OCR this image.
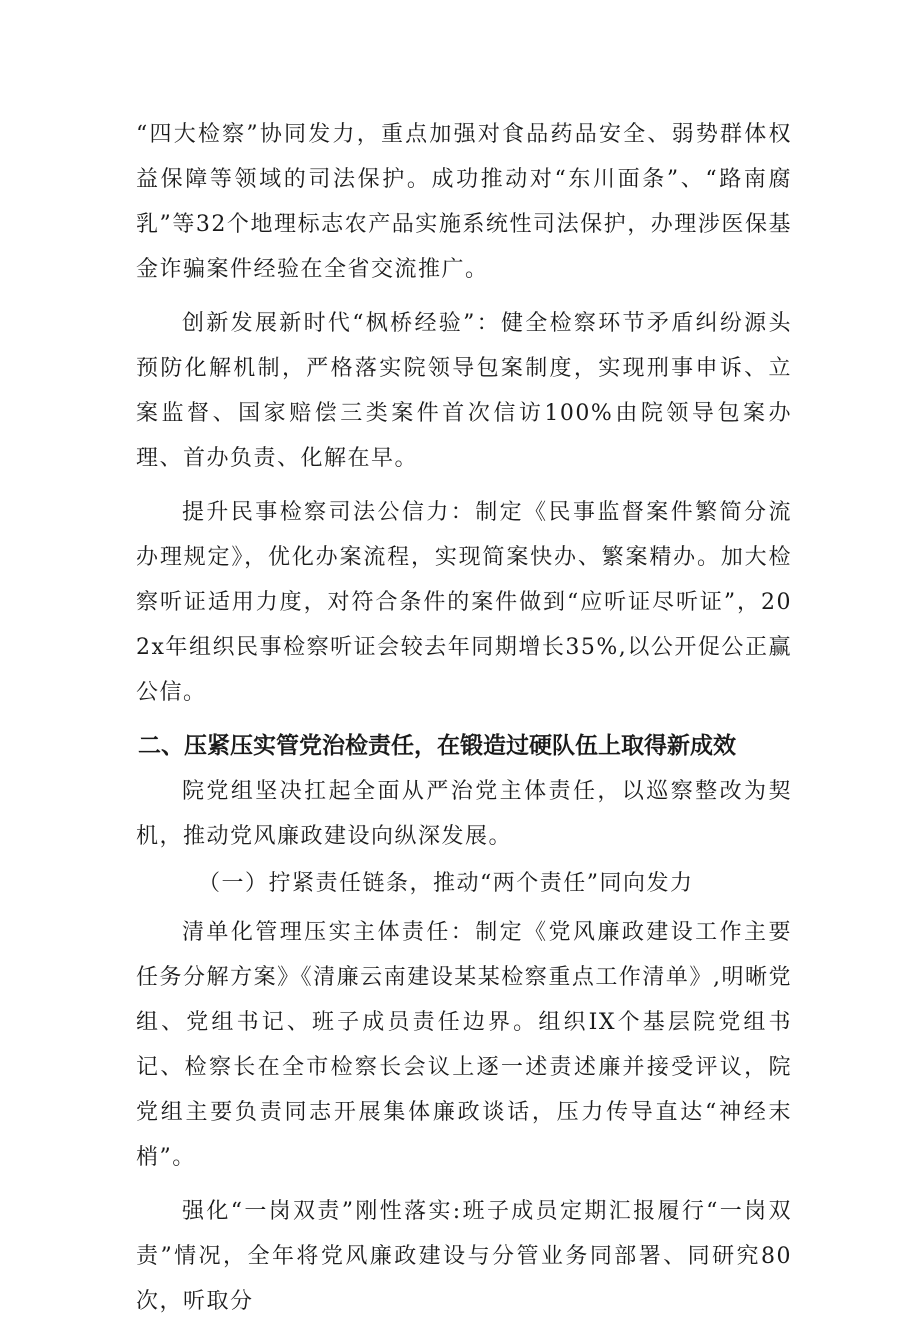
“四大检察”协同发力，重点加强对食品药品安全、弱势群体权益保障等领域的司法保护。成功推动对“东川面条”、“路南腐乳”等32个地理标志农产品实施系统性司法保护，办理涉医保基金诈骗案件经验在全省交流推广。

创新发展新时代“枫桥经验”：健全检察环节矛盾纠纷源头预防化解机制，严格落实院领导包案制度，实现刑事申诉、立案监督、国家赔偿三类案件首次信访100%由院领导包案办理、首办负责、化解在早。

提升民事检察司法公信力：制定《民事监督案件繁简分流办理规定》，优化办案流程，实现简案快办、繁案精办。加大检察听证适用力度，对符合条件的案件做到“应听证尽听证”，202x年组织民事检察听证会较去年同期增长35%,以公开促公正赢公信。

二、压紧压实管党治检责任，在锻造过硬队伍上取得新成效

院党组坚决扛起全面从严治党主体责任，以巡察整改为契机，推动党风廉政建设向纵深发展。

（一）拧紧责任链条，推动“两个责任”同向发力

清单化管理压实主体责任：制定《党风廉政建设工作主要任务分解方案》《清廉云南建设某某检察重点工作清单》,明晰党组、党组书记、班子成员责任边界。组织IX个基层院党组书记、检察长在全市检察长会议上逐一述责述廉并接受评议，院党组主要负责同志开展集体廉政谈话，压力传导直达“神经末梢”。

强化“一岗双责”刚性落实:班子成员定期汇报履行“一岗双责”情况，全年将党风廉政建设与分管业务同部署、同研究80次，听取分
